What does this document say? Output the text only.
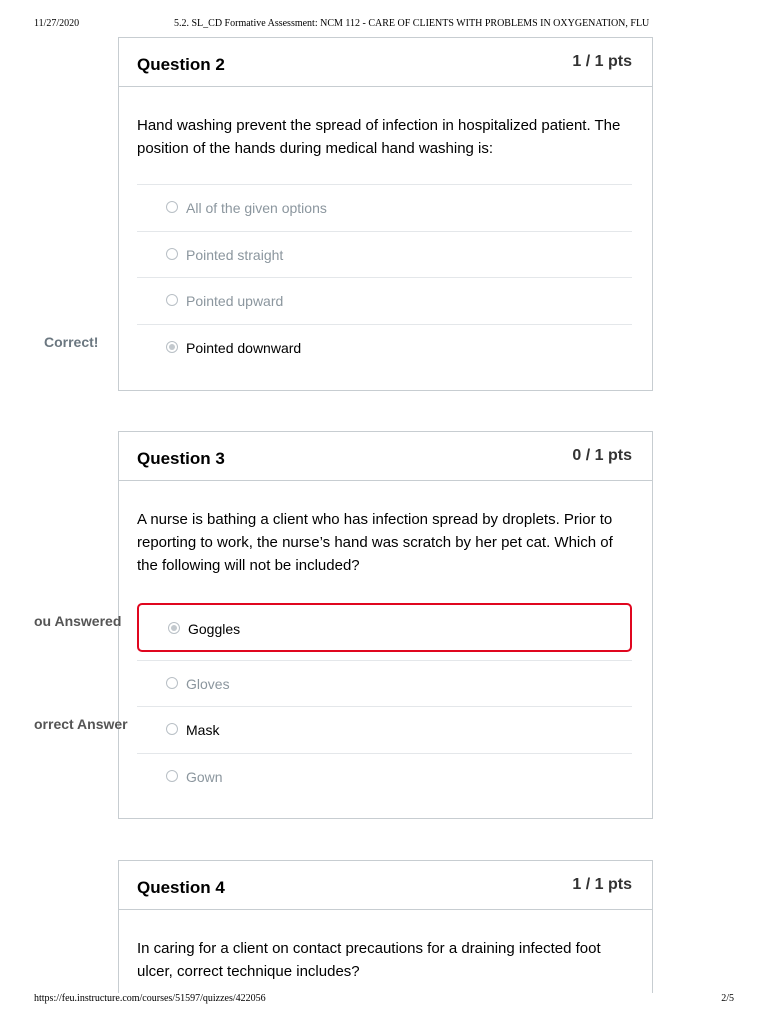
11/27/2020	5.2. SL_CD Formative Assessment: NCM 112 - CARE OF CLIENTS WITH PROBLEMS IN OXYGENATION, FLU
Question 2	1 / 1 pts
Hand washing prevent the spread of infection in hospitalized patient. The position of the hands during medical hand washing is:
All of the given options
Pointed straight
Pointed upward
Pointed downward
Correct!
Question 3	0 / 1 pts
A nurse is bathing a client who has infection spread by droplets. Prior to reporting to work, the nurse’s hand was scratch by her pet cat. Which of the following will not be included?
Goggles
Gloves
Mask
Gown
ou Answered
orrect Answer
Question 4	1 / 1 pts
In caring for a client on contact precautions for a draining infected foot ulcer, correct technique includes?
https://feu.instructure.com/courses/51597/quizzes/422056	2/5
